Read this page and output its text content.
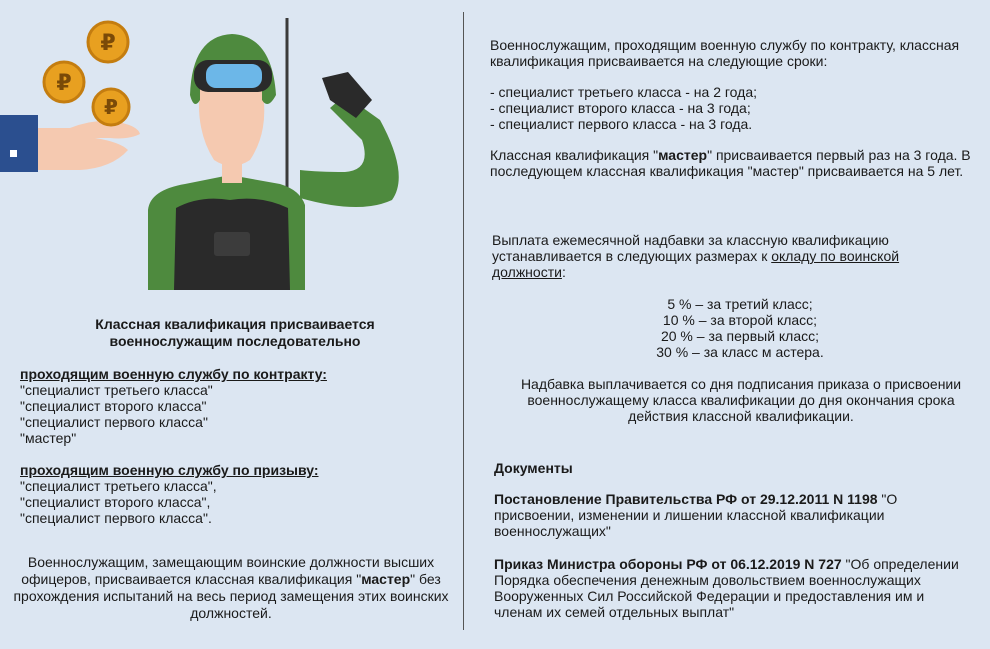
₽
₽
₽
Классная квалификация присваивается военнослужащим последовательно
проходящим военную службу по контракту:
"специалист третьего класса"
"специалист второго класса"
"специалист первого класса"
"мастер"
проходящим военную службу по призыву:
"специалист третьего класса",
"специалист второго класса",
"специалист первого класса".
Военнослужащим, замещающим воинские должности высших офицеров, присваивается классная квалификация "мастер" без прохождения испытаний на весь период замещения этих воинских должностей.
Военнослужащим, проходящим военную службу по контракту, классная квалификация присваивается на следующие сроки:
- специалист третьего класса - на 2 года;
- специалист второго класса - на 3 года;
- специалист первого класса - на 3 года.
Классная квалификация "мастер" присваивается первый раз на 3 года. В последующем классная квалификация "мастер" присваивается на 5 лет.
Выплата ежемесячной надбавки за классную квалификацию устанавливается в следующих размерах к окладу по воинской должности:
5 % – за третий класс;
10 % – за второй класс;
20 % – за первый класс;
30 % – за класс м астера.
Надбавка выплачивается со дня подписания приказа о присвоении военнослужащему класса квалификации до дня окончания срока действия классной квалификации.
Документы
Постановление Правительства РФ от 29.12.2011 N 1198 "О присвоении, изменении и лишении классной квалификации военнослужащих"
Приказ Министра обороны РФ от 06.12.2019 N 727 "Об определении Порядка обеспечения денежным довольствием военнослужащих Вооруженных Сил Российской Федерации и предоставления им и членам их семей отдельных выплат"
